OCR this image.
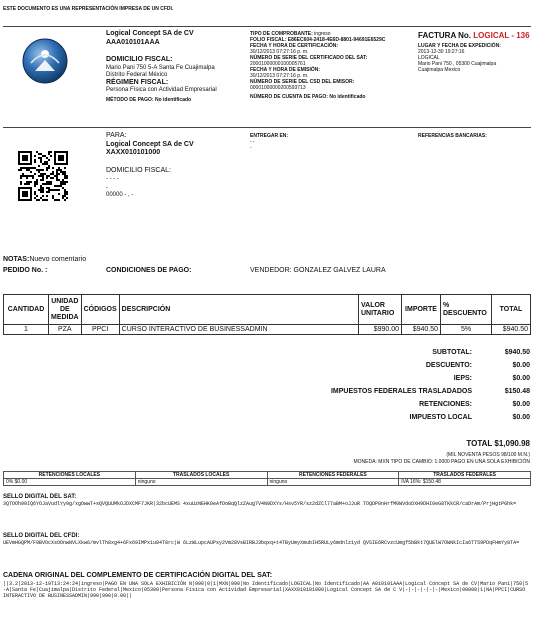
ESTE DOCUMENTO ES UNA REPRESENTACIÓN IMPRESA DE UN CFDI.
Logical Concept SA de CV
AAA010101AAA
DOMICILIO FISCAL:
Mario Pani 750 5-A Santa Fe Cuajimalpa
Distrito Federal México
RÉGIMEN FISCAL:
Persona Física con Actividad Empresarial
MÉTODO DE PAGO: No identificado
TIPO DE COMPROBANTE: ingreso
FOLIO FISCAL: E86EC604-2418-4E6D-8801-94691E6529C
FECHA Y HORA DE CERTIFICACIÓN:
30/12/2013 07:27:16 p. m.
NÚMERO DE SERIE DEL CERTIFICADO DEL SAT:
20001000000100005761
FECHA Y HORA DE EMISIÓN:
30/12/2013 07:27:16 p. m.
NÚMERO DE SERIE DEL CSD DEL EMISOR:
00001000000200593713
NÚMERO DE CUENTA DE PAGO: No identificado
FACTURA No. LOGICAL - 136
LUGAR Y FECHA DE EXPEDICIÓN:
2013-12-30 19:27:16
LOGICAL
Mario Pani 750 , 05300 Cuajimalpa
Cuajimalpa Mexico
PARA:
Logical Concept SA de CV
XAXX010101000
DOMICILIO FISCAL:
- - - -
-
00000 - , -
ENTREGAR EN:
- -
-
REFERENCIAS BANCARIAS:
NOTAS:Nuevo comentario
PEDIDO No. :	CONDICIONES DE PAGO:	VENDEDOR: GONZALEZ GALVEZ LAURA
CANTIDAD	UNIDAD DE MEDIDA	CÓDIGOS	DESCRIPCIÓN	VALOR UNITARIO	IMPORTE	% DESCUENTO	TOTAL
1	PZA	PPCI	CURSO INTERACTIVO DE BUSINESSADMIN	$990.00	$940.50	5%	$940.50
SUBTOTAL:	$940.50
DESCUENTO:	$0.00
IEPS:	$0.00
IMPUESTOS FEDERALES TRASLADADOS	$150.48
RETENCIONES:	$0.00
IMPUESTO LOCAL	$0.00
TOTAL $1,090.98
(MIL NOVENTA PESOS 98/100 M.N.)
MONEDA: MXN TIPO DE CAMBIO: 1.0000 PAGO EN UNA SOLA EXHIBICIÓN
RETENCIONES LOCALES	TRASLADOS LOCALES	RETENCIONES FEDERALES	TRASLADOS FEDERALES
0% $0.00	ninguno	ninguno	IVA 16%: $150.48
SELLO DIGITAL DEL SAT:
3QTOOh99IQ6YOJaVudlYy9g/xgOwwT+sQVQUUMkOJDXCMF7JKR|32bcUEMS 4xuUzNEHK0eAfDoBqQlzZAug7V4N9DXYs/Hsv5YR/sz2dZCl77aBM+oJJuR TOQDP0nHrfM0WVdoDXH9DHI0eG8TKkCR/caDrAm/PrjHgtPGhk=
SELLO DIGITAL DEL CFDI:
UEVmHGQPM/F9BVOcXsOOnwNVLXkw6/mvlTh8xg4+6Fx69IMPx1u84T8rc|W 6LzWLupcAUPsy2Vm28VsBIRBJ3bqxq+t4TByUmyXmubIH5RULy6mdnlz1yd QVSIE6RCvzcUmgf5bBkt7QUElW7OWNkIcIa6TT59PDqFHmYy8TA=
CADENA ORIGINAL DEL COMPLEMENTO DE CERTIFICACIÓN DIGITAL DEL SAT:
||3.2|2013-12-19T13:24:24|ingreso|PAGO EN UNA SOLA EXHIBICIÓN N|990|0|1|MXN|990|No Identificado|LOGICAL|No Identificado|AA A010101AAA|Logical Concept SA de CV|Mario Pani|750|5-A|Santa Fe|Cuajimalpa|Distrito Federal|Mexico|05300|Persona Física con Actividad Empresarial|XAXX010101000|Logical Concept SA de C V|-|-|-|-|-|-|Mexico|00000|1|NA|PPCI|CURSO INTERACTIVO DE BUSINESSADMIN|990|990|0.00||
